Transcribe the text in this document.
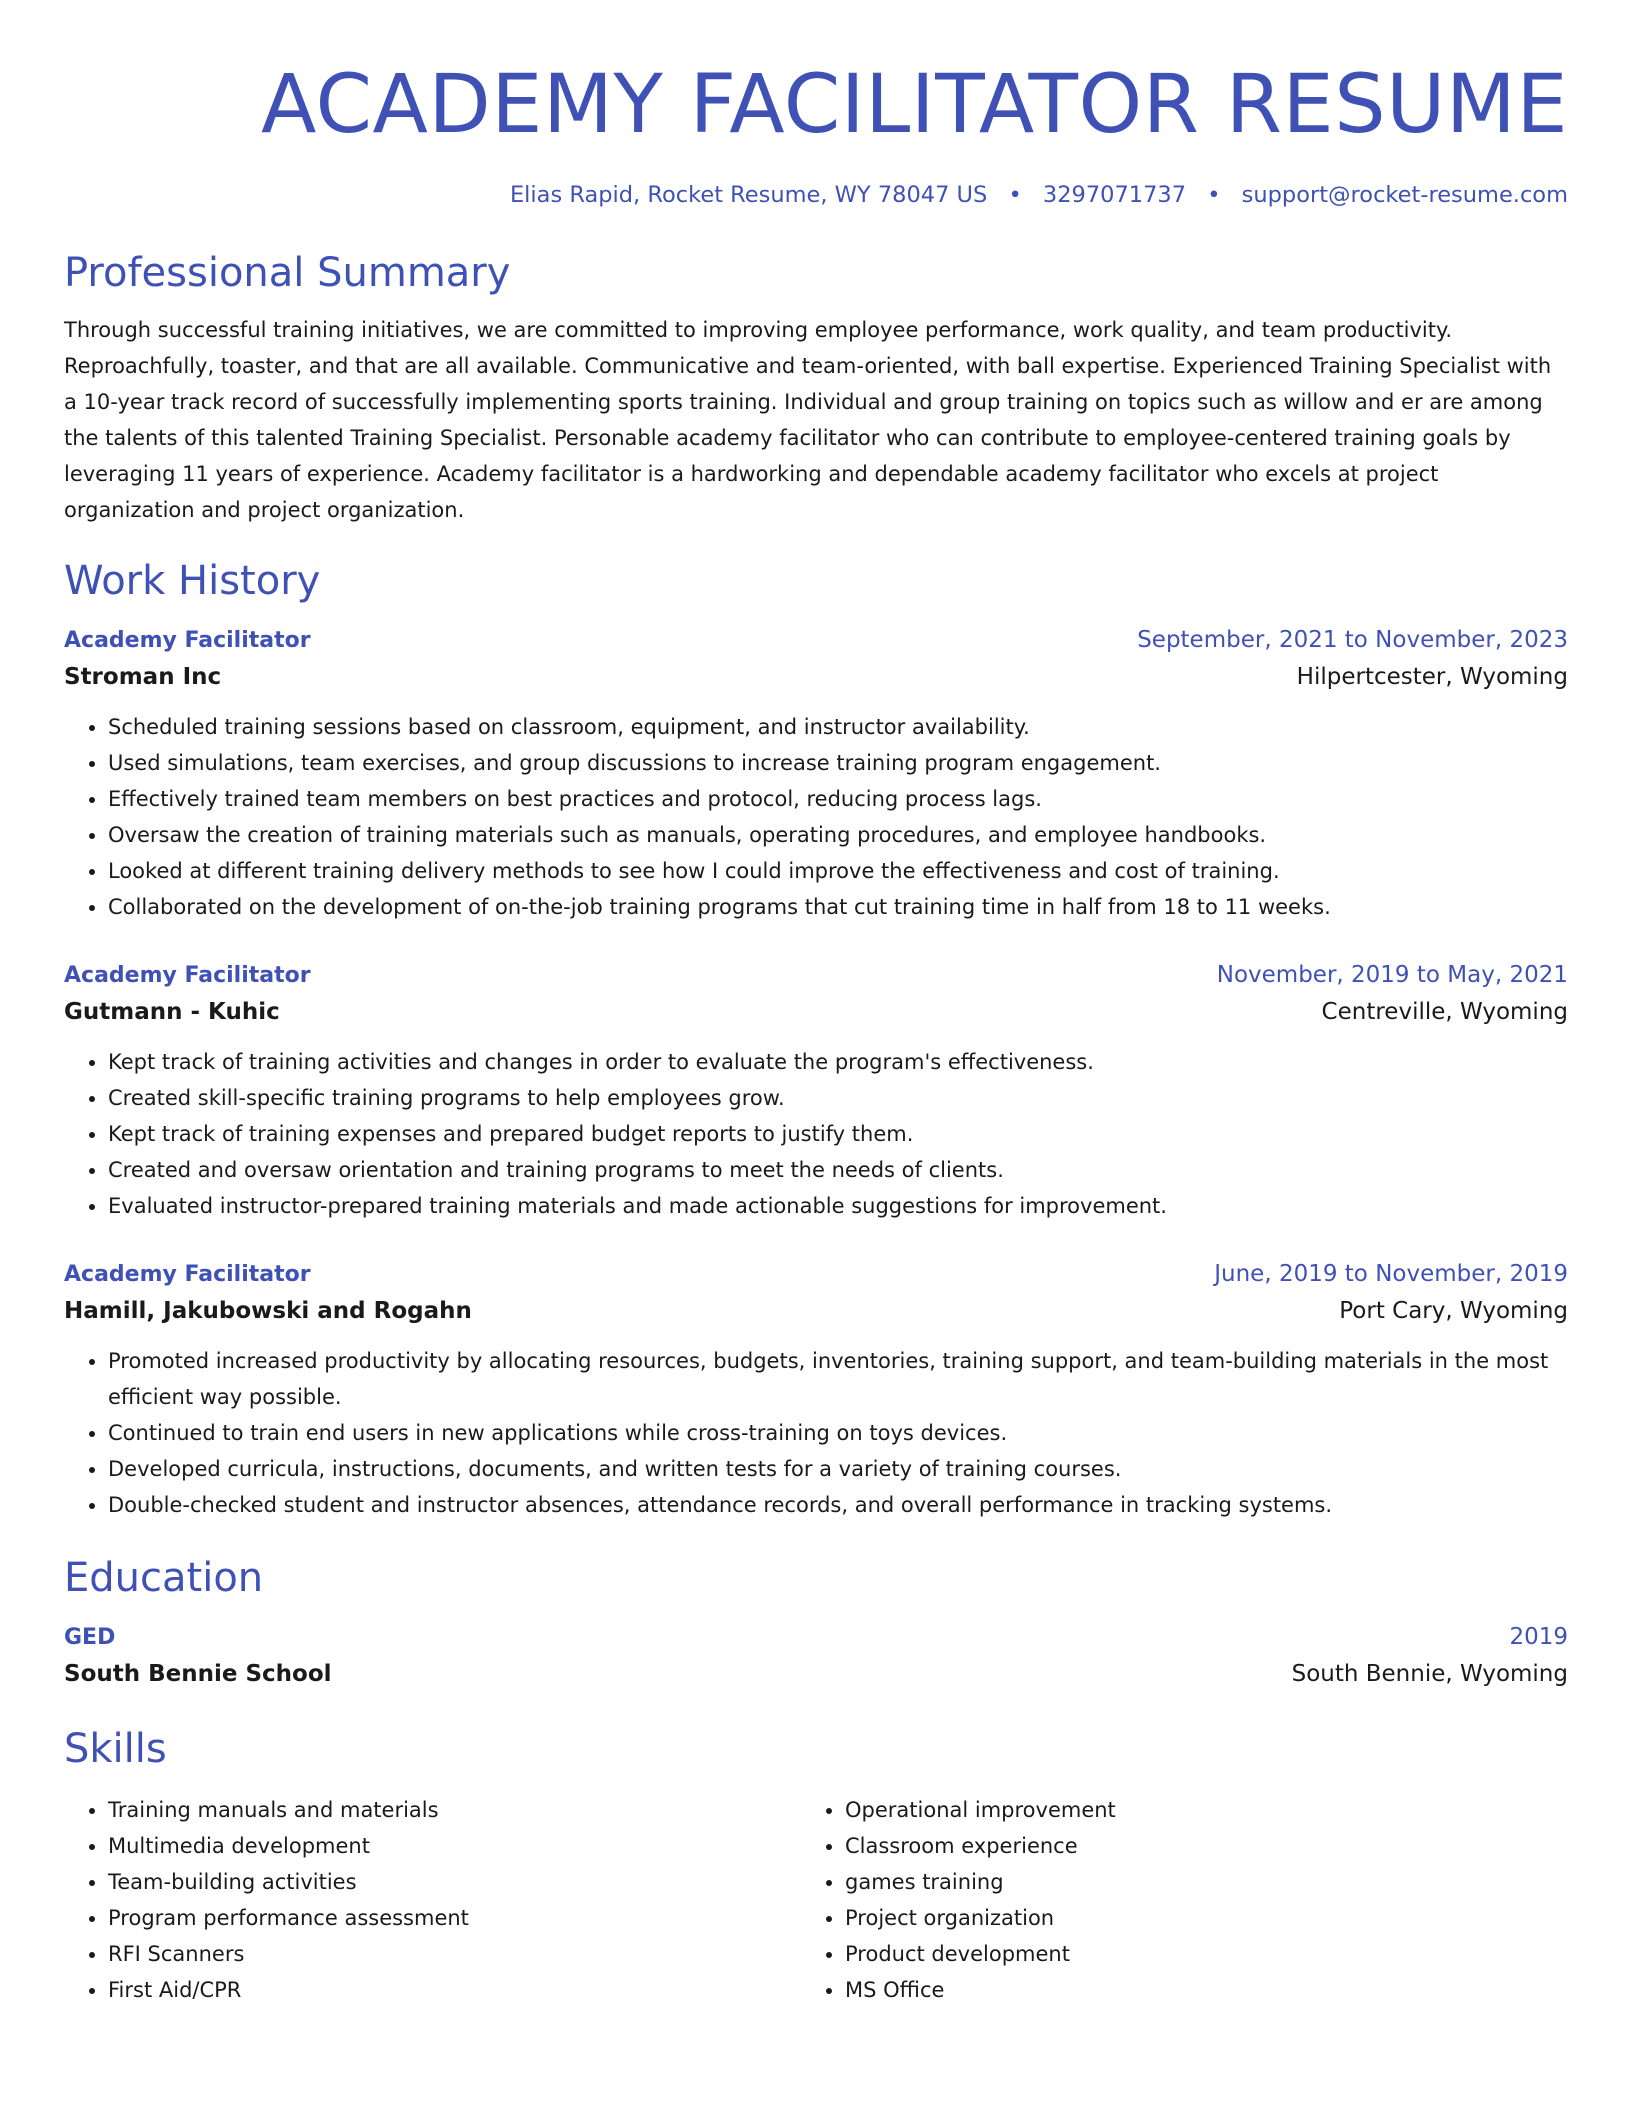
ACADEMY FACILITATOR RESUME
Elias Rapid, Rocket Resume, WY 78047 US • 3297071737 • support@rocket-resume.com
Professional Summary
Through successful training initiatives, we are committed to improving employee performance, work quality, and team productivity. Reproachfully, toaster, and that are all available. Communicative and team-oriented, with ball expertise. Experienced Training Specialist with a 10-year track record of successfully implementing sports training. Individual and group training on topics such as willow and er are among the talents of this talented Training Specialist. Personable academy facilitator who can contribute to employee-centered training goals by leveraging 11 years of experience. Academy facilitator is a hardworking and dependable academy facilitator who excels at project organization and project organization.
Work History
Academy Facilitator	September, 2021 to November, 2023
Stroman Inc	Hilpertcester, Wyoming
• Scheduled training sessions based on classroom, equipment, and instructor availability.
• Used simulations, team exercises, and group discussions to increase training program engagement.
• Effectively trained team members on best practices and protocol, reducing process lags.
• Oversaw the creation of training materials such as manuals, operating procedures, and employee handbooks.
• Looked at different training delivery methods to see how I could improve the effectiveness and cost of training.
• Collaborated on the development of on-the-job training programs that cut training time in half from 18 to 11 weeks.
Academy Facilitator	November, 2019 to May, 2021
Gutmann - Kuhic	Centreville, Wyoming
• Kept track of training activities and changes in order to evaluate the program's effectiveness.
• Created skill-specific training programs to help employees grow.
• Kept track of training expenses and prepared budget reports to justify them.
• Created and oversaw orientation and training programs to meet the needs of clients.
• Evaluated instructor-prepared training materials and made actionable suggestions for improvement.
Academy Facilitator	June, 2019 to November, 2019
Hamill, Jakubowski and Rogahn	Port Cary, Wyoming
• Promoted increased productivity by allocating resources, budgets, inventories, training support, and team-building materials in the most efficient way possible.
• Continued to train end users in new applications while cross-training on toys devices.
• Developed curricula, instructions, documents, and written tests for a variety of training courses.
• Double-checked student and instructor absences, attendance records, and overall performance in tracking systems.
Education
GED	2019
South Bennie School	South Bennie, Wyoming
Skills
• Training manuals and materials
• Multimedia development
• Team-building activities
• Program performance assessment
• RFI Scanners
• First Aid/CPR
• Operational improvement
• Classroom experience
• games training
• Project organization
• Product development
• MS Office
